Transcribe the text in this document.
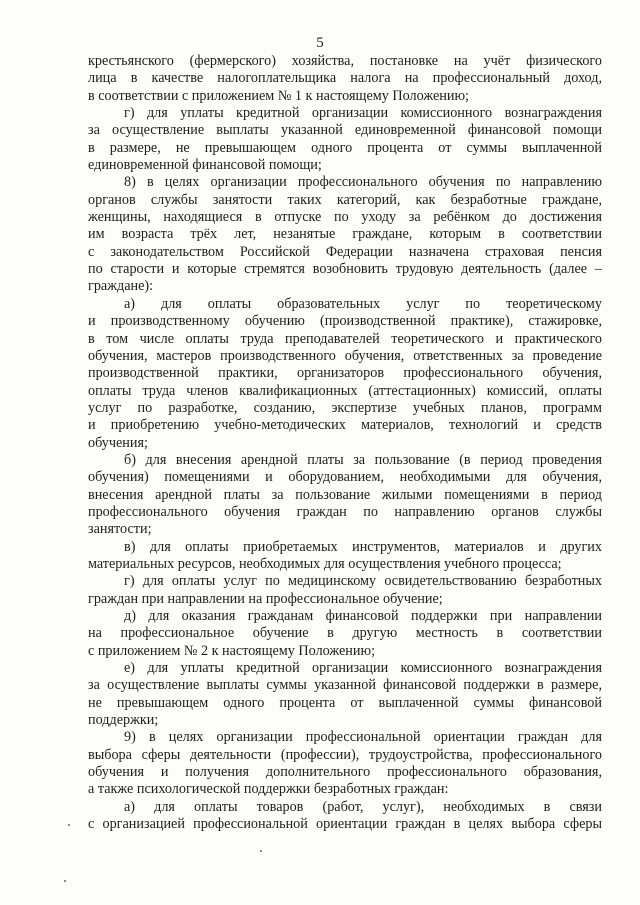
5
крестьянского (фермерского) хозяйства, постановке на учёт физического
лица в качестве налогоплательщика налога на профессиональный доход,
в соответствии с приложением № 1 к настоящему Положению;
г) для уплаты кредитной организации комиссионного вознаграждения
за осуществление выплаты указанной единовременной финансовой помощи
в размере, не превышающем одного процента от суммы выплаченной
единовременной финансовой помощи;
8) в целях организации профессионального обучения по направлению
органов службы занятости таких категорий, как безработные граждане,
женщины, находящиеся в отпуске по уходу за ребёнком до достижения
им возраста трёх лет, незанятые граждане, которым в соответствии
с законодательством Российской Федерации назначена страховая пенсия
по старости и которые стремятся возобновить трудовую деятельность (далее –
граждане):
а) для оплаты образовательных услуг по теоретическому
и производственному обучению (производственной практике), стажировке,
в том числе оплаты труда преподавателей теоретического и практического
обучения, мастеров производственного обучения, ответственных за проведение
производственной практики, организаторов профессионального обучения,
оплаты труда членов квалификационных (аттестационных) комиссий, оплаты
услуг по разработке, созданию, экспертизе учебных планов, программ
и приобретению учебно-методических материалов, технологий и средств
обучения;
б) для внесения арендной платы за пользование (в период проведения
обучения) помещениями и оборудованием, необходимыми для обучения,
внесения арендной платы за пользование жилыми помещениями в период
профессионального обучения граждан по направлению органов службы
занятости;
в) для оплаты приобретаемых инструментов, материалов и других
материальных ресурсов, необходимых для осуществления учебного процесса;
г) для оплаты услуг по медицинскому освидетельствованию безработных
граждан при направлении на профессиональное обучение;
д) для оказания гражданам финансовой поддержки при направлении
на профессиональное обучение в другую местность в соответствии
с приложением № 2 к настоящему Положению;
е) для уплаты кредитной организации комиссионного вознаграждения
за осуществление выплаты суммы указанной финансовой поддержки в размере,
не превышающем одного процента от выплаченной суммы финансовой
поддержки;
9) в целях организации профессиональной ориентации граждан для
выбора сферы деятельности (профессии), трудоустройства, профессионального
обучения и получения дополнительного профессионального образования,
а также психологической поддержки безработных граждан:
а) для оплаты товаров (работ, услуг), необходимых в связи
с организацией профессиональной ориентации граждан в целях выбора сферы
